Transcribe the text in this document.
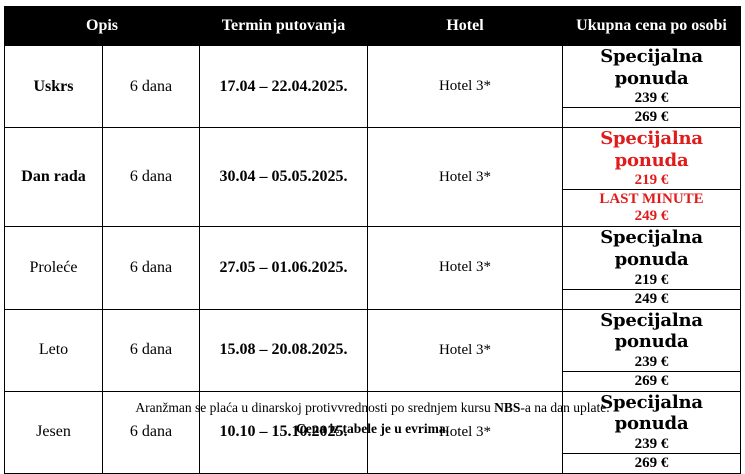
Opis		Termin putovanja	Hotel	Ukupna cena po osobi
Uskrs	6 dana	17.04 – 22.04.2025.	Hotel 3*	Specijalna ponuda
239 €

				269 €
Dan rada	6 dana	30.04 – 05.05.2025.	Hotel 3*	Specijalna ponuda
219 €

				LAST MINUTE
249 €

Proleće	6 dana	27.05 – 01.06.2025.	Hotel 3*	Specijalna ponuda
219 €

				249 €
Leto	6 dana	15.08 – 20.08.2025.	Hotel 3*	Specijalna ponuda
239 €

				269 €
Jesen	6 dana	10.10 – 15.10.2025.	Hotel 3*	Specijalna ponuda
239 €

				269 €
Aranžman se plaća u dinarskoj protivvrednosti po srednjem kursu NBS-a na dan uplate.
Cena iz tabele je u evrima.
